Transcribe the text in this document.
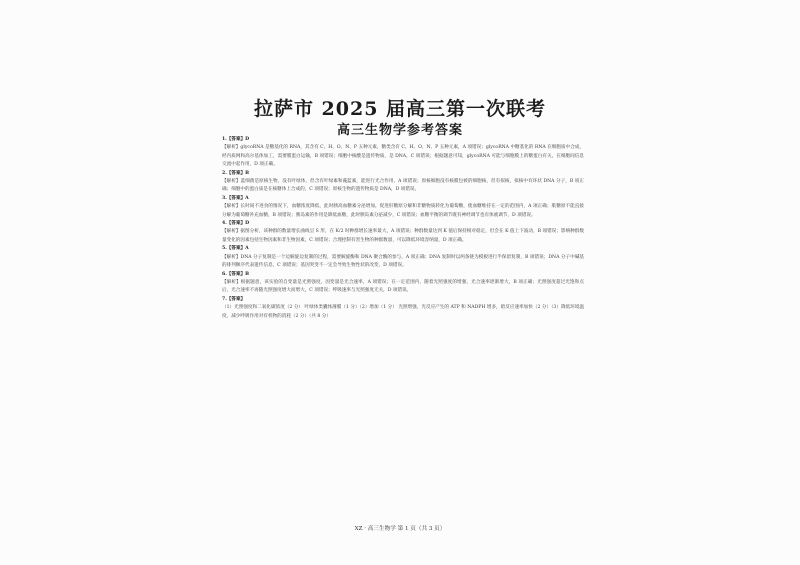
拉萨市 2025 届高三第一次联考
高三生物学参考答案
1.【答案】D
【解析】glycoRNA 是糖基化的 RNA，其含有 C、H、O、N、P 五种元素，糖类含有 C、H、O，N、P 五种元素，A 项错误；glycoRNA 中糖基化的 RNA 在细胞质中合成，经内质网和高尔基体加工，需要膜蛋白运输，B 项错误；细胞中核酸是遗传物质，是 DNA，C 项错误；根据题意可知，glycoRNA 可能与细胞膜上的糖蛋白有关，在细胞间信息交流中起作用，D 项正确。
2.【答案】B
【解析】蓝细菌是原核生物，没有叶绿体，但含有叶绿素和藻蓝素，能进行光合作用，A 项错误；原核细胞没有核膜包被的细胞核，但有拟核，拟核中有环状 DNA 分子，B 项正确；细胞中的蛋白质是在核糖体上合成的，C 项错误；原核生物的遗传物质是 DNA，D 项错误。
3.【答案】A
【解析】长时间不进食的情况下，血糖浓度降低，此时胰高血糖素分泌增加，促进肝糖原分解和非糖物质转化为葡萄糖，使血糖维持在一定的范围内，A 项正确；肌糖原不能直接分解为葡萄糖补充血糖，B 项错误；胰岛素的作用是降低血糖，此时胰岛素分泌减少，C 项错误；血糖平衡的调节既有神经调节也有体液调节，D 项错误。
4.【答案】D
【解析】据图分析，该种群的数量增长曲线呈 S 形，在 K/2 时种群增长速率最大，A 项错误；种群数量达到 K 值后保持相对稳定，但会在 K 值上下波动，B 项错误；影响种群数量变化的因素包括生物因素和非生物因素，C 项错误；合理控制有害生物的种群数量，可以降低环境容纳量，D 项正确。
5.【答案】A
【解析】DNA 分子复制是一个边解旋边复制的过程，需要解旋酶和 DNA 聚合酶的参与，A 项正确；DNA 复制时以两条链为模板进行半保留复制，B 项错误；DNA 分子中碱基的排列顺序代表遗传信息，C 项错误；基因突变不一定会导致生物性状的改变，D 项错误。
6.【答案】B
【解析】根据题意，该实验的自变量是光照强度，因变量是光合速率，A 项错误；在一定范围内，随着光照强度的增强，光合速率逐渐增大，B 项正确；光照强度超过光饱和点后，光合速率不再随光照强度增大而增大，C 项错误；呼吸速率与光照强度无关，D 项错误。
7.【答案】
（1）光照强度和二氧化碳浓度（2 分） 叶绿体类囊体薄膜（1 分）（2）增加（1 分） 光照增强，光反应产生的 ATP 和 NADPH 增多，暗反应速率加快（2 分）（3）降低环境温度，减少呼吸作用对有机物的消耗（2 分）（共 8 分）
XZ · 高三生物学 第 1 页（共 3 页）
